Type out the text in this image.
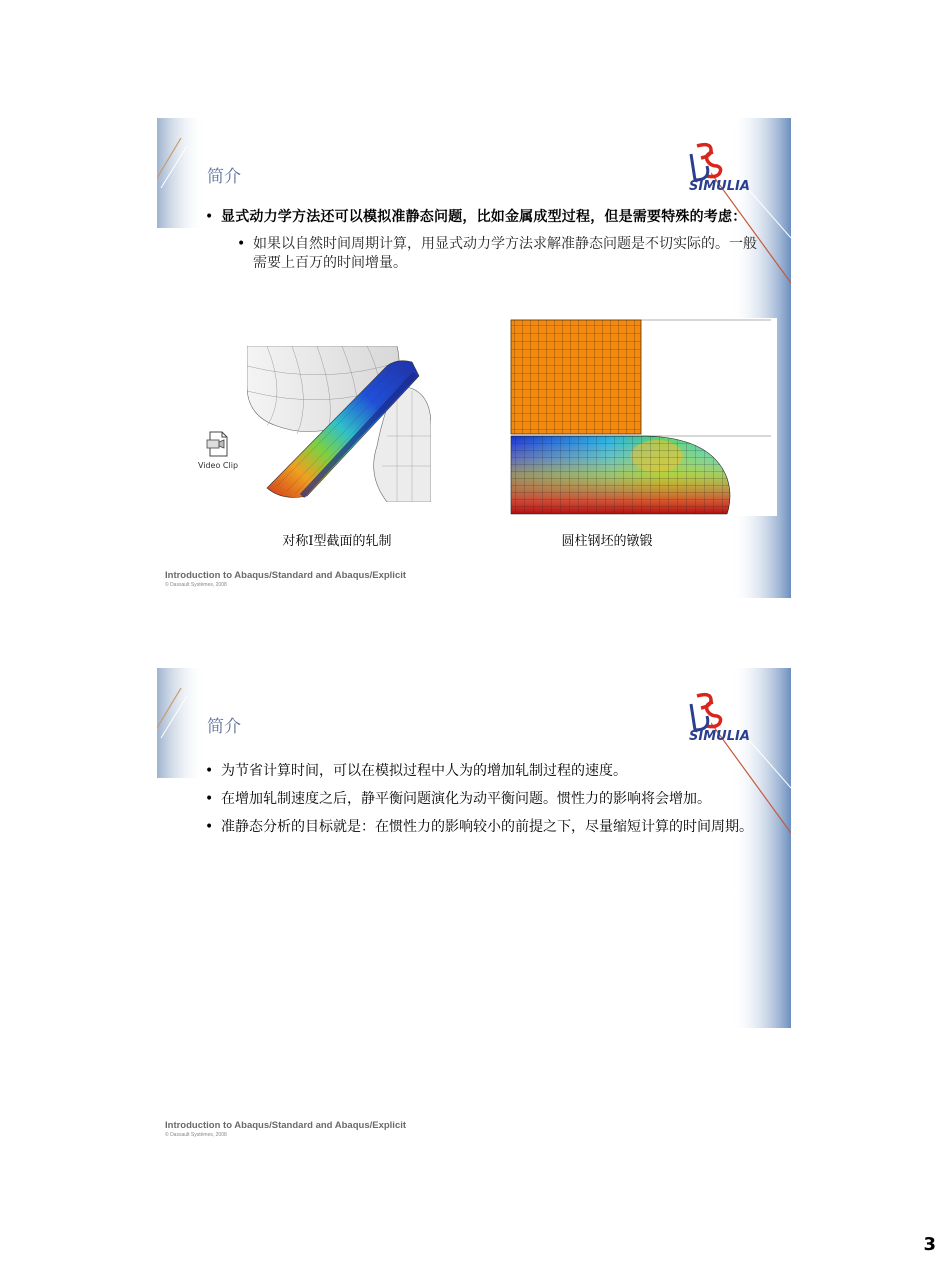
简介	SIMULIA
• 显式动力学方法还可以模拟准静态问题，比如金属成型过程，但是需要特殊的考虑：
• 如果以自然时间周期计算，用显式动力学方法求解准静态问题是不切实际的。一般需要上百万的时间增量。
Video Clip
对称I型截面的轧制	圆柱钢坯的镦锻
Introduction to Abaqus/Standard and Abaqus/Explicit
© Dassault Systèmes, 2008
简介	SIMULIA
• 为节省计算时间，可以在模拟过程中人为的增加轧制过程的速度。
• 在增加轧制速度之后，静平衡问题演化为动平衡问题。惯性力的影响将会增加。
• 准静态分析的目标就是：在惯性力的影响较小的前提之下，尽量缩短计算的时间周期。
Introduction to Abaqus/Standard and Abaqus/Explicit
© Dassault Systèmes, 2008
3
